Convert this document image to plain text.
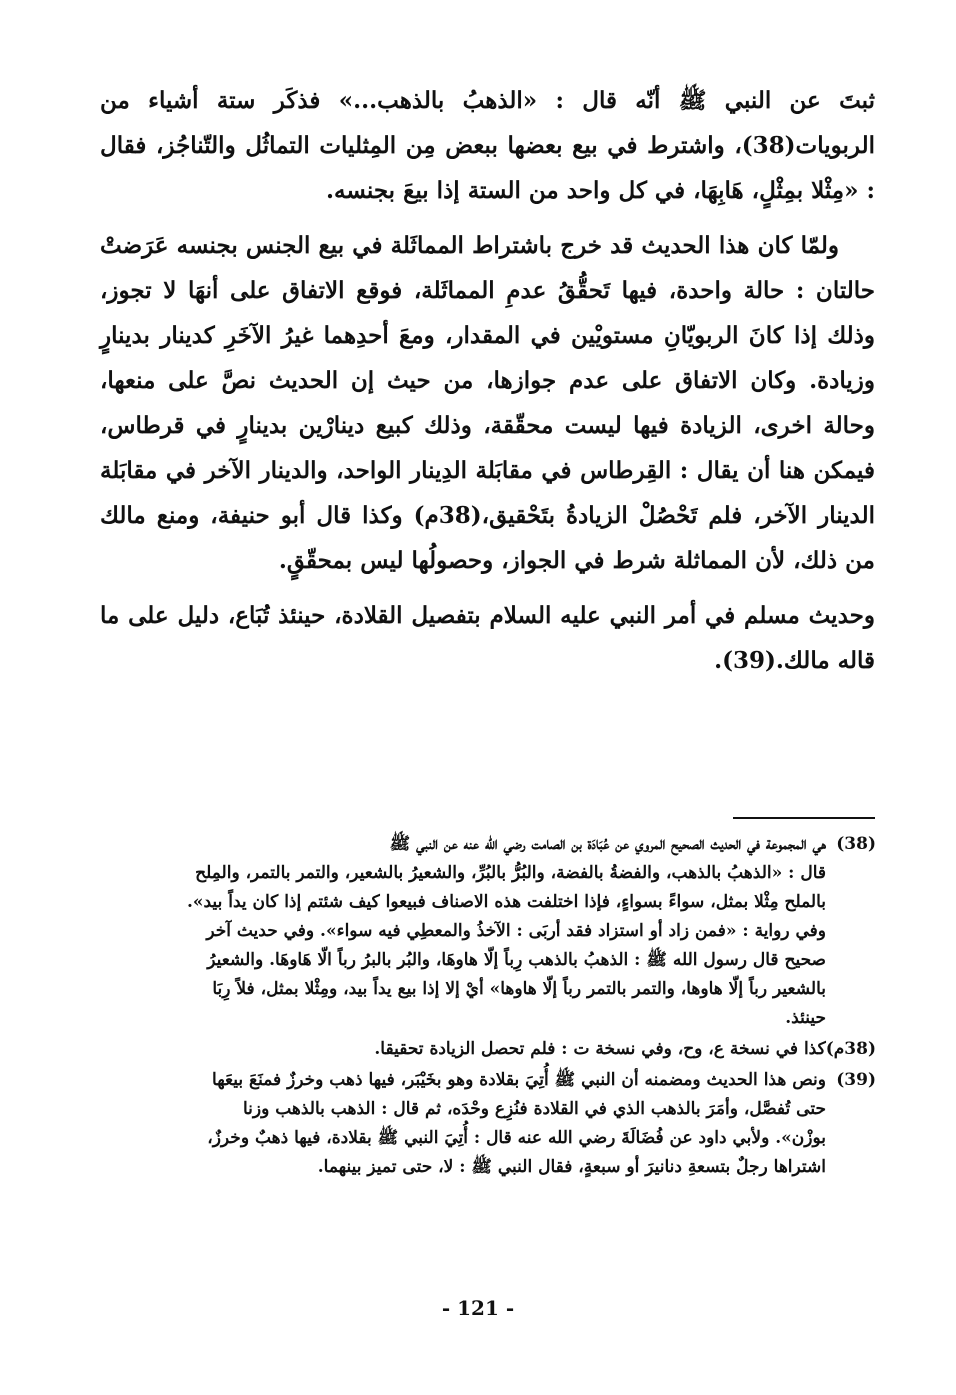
ثبتَ عن النبي ﷺ أنّه قال : «الذهبُ بالذهب...» فذكَر ستة أشياء من الربويات(38)، واشترط في بيع بعضها ببعض مِن المِثليات التماثُل والتّناجُز، فقال : «مِثْلا بمِثْلٍ، هَابِهَا، في كل واحد من الستة إذا بيعَ بجنسه.

ولمّا كان هذا الحديث قد خرج باشتراط المماثَلة في بيع الجنس بجنسه عَرَضتْ حالتان : حالة واحدة، فيها تَحقُّقُ عدمِ المماثَلة، فوقع الاتفاق على أنهَا لا تجوز، وذلك إذا كانَ الربويّانِ مستويْين في المقدار، ومعَ أحدِهما غيرُ الآخَرِ كدينار بدينارٍ وزيادة. وكان الاتفاق على عدم جوازها، من حيث إن الحديث نصَّ على منعها، وحالة اخرى، الزيادة فيها ليست محقّقة، وذلك كبيع دينارْين بدينارٍ في قرطاس، فيمكن هنا أن يقال : القِرطاس في مقابَلة الدِينار الواحد، والدينار الآخر في مقابَلة الدينار الآخر، فلم تَحْصُلْ الزيادةُ بتَحْقيق،(38م) وكذا قال أبو حنيفة، ومنع مالك من ذلك، لأن المماثلة شرط في الجواز، وحصولُها ليس بمحقّقٍ.

وحديث مسلم في أمر النبي عليه السلام بتفصيل القلادة، حينئذ تُبَاع، دليل على ما قاله مالك.(39).

(38)
هي المجموعة في الحديث الصحيح المروي عن عُبَادَة بن الصامت رضي الله عنه عن النبي ﷺ
قال : «الذهبُ بالذهب، والفضةُ بالفضة، والبُرُّ بالبُرِّ، والشعيرُ بالشعير، والتمر بالتمر، والمِلح
بالملح مِثْلا بمثل، سواءً بسواءٍ، فإذا اختلفت هذه الاصناف فبيعوا كيف شئتم إذا كان يداً بيد».
وفي رواية : «فمن زاد أو استزاد فقد أربَى : الآخذُ والمعطِي فيه سواء». وفي حديث آخر
صحيح قال رسول الله ﷺ : الذهبُ بالذهب رِباً إلّا هاوهَا، والبُر بالبرُ رباً الّا هَاوهَا. والشعيرُ
بالشعير رباً إلّا هاوها، والتمر بالتمر رباً إلّا هاوها» أيْ إلا إذا بيع يداً بيد، ومِثْلا بمثل، فلاً رِبَا
حينئذ.
(38م)
كذا في نسخة ع، وح، وفي نسخة ت : فلم تحصل الزيادة تحقيقا.
(39)
ونص هذا الحديث ومضمنه أن النبي ﷺ أُتِيَ بقلادة وهو بخَيْبَر، فيها ذهب وخرزٌ فمنَعَ بيعَها
حتى تُفصَّل، وأمَرَ بالذهب الذي في القلادة فنُزِع وحْدَه، ثم قال : الذهب بالذهب وزنا
بوزْن». ولأبي داود عن فُضَالَةَ رضي الله عنه قال : أُتِيَ النبي ﷺ بقلادة، فيها ذهبٌ وخرزٌ،
اشتراها رجلٌ بتسعةِ دنانيرَ أو سبعةٍ، فقال النبي ﷺ : لا، حتى تميز بينهما.
- 121 -
